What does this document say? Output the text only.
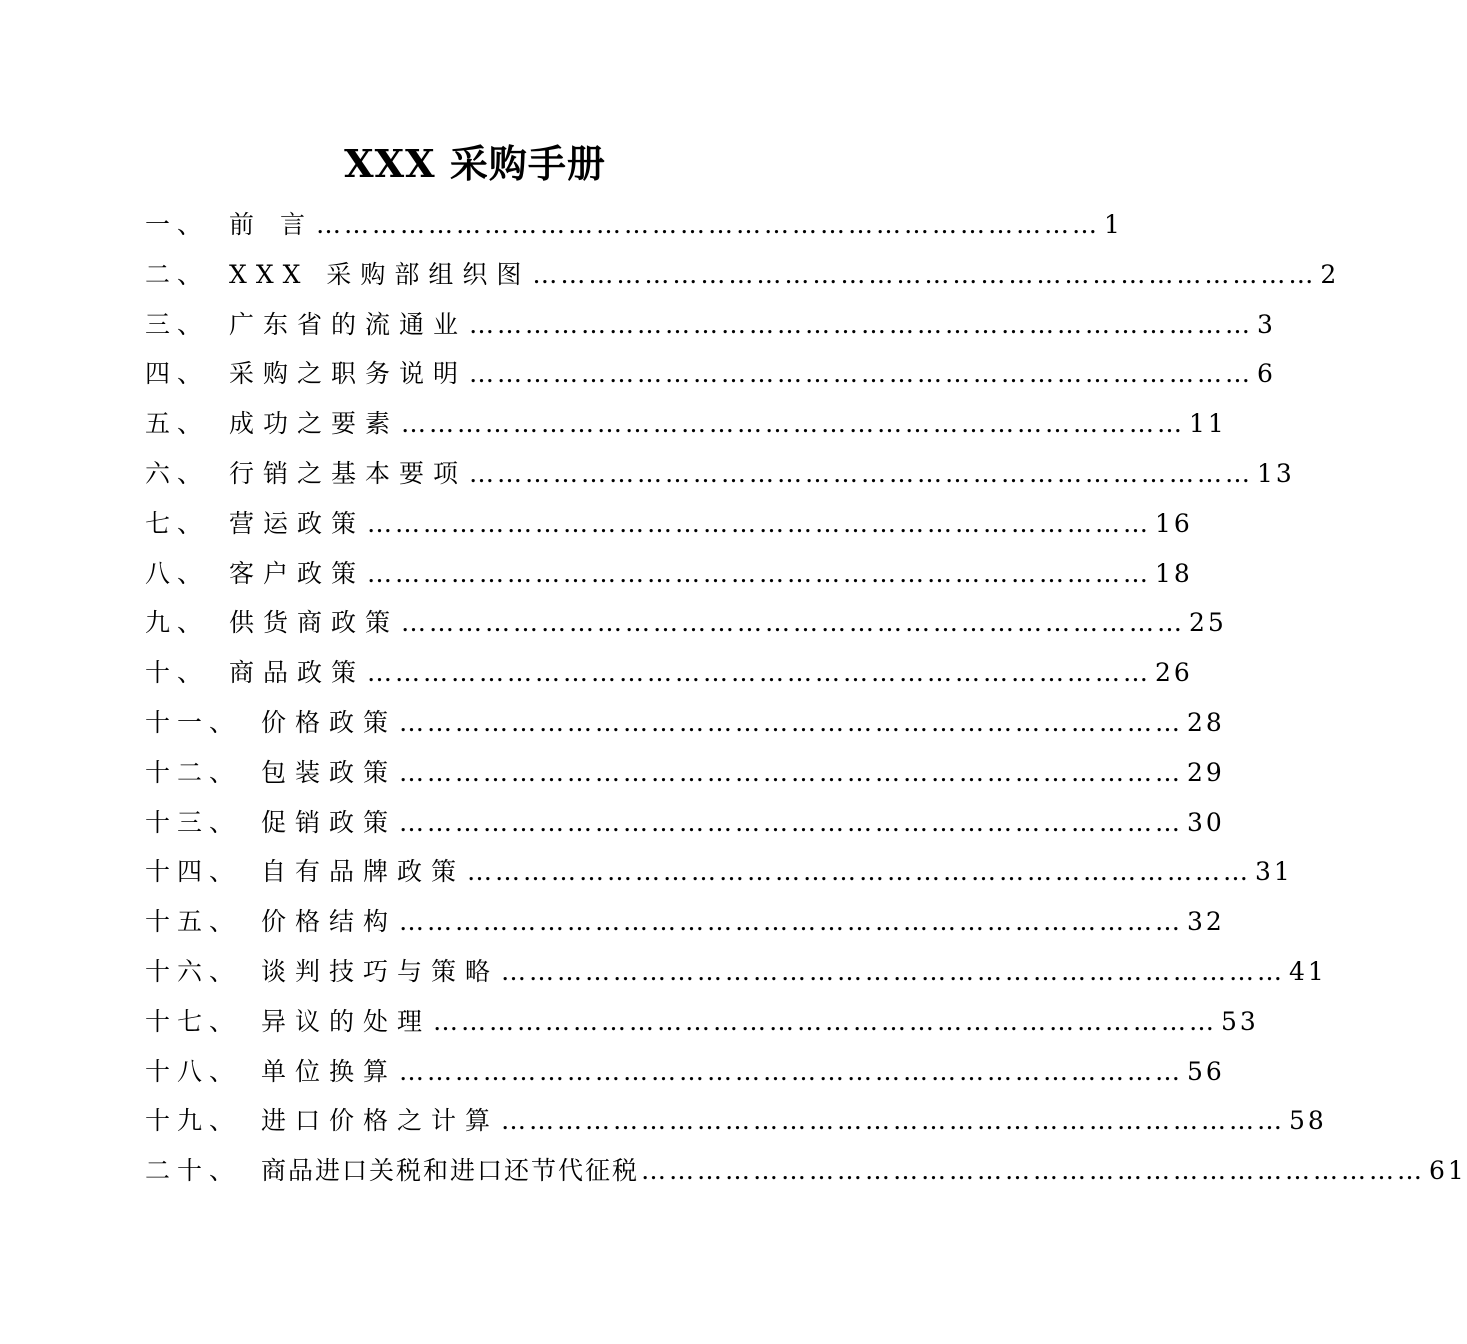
XXX 采购手册
一、 前 言 ………………………………………………………………………… 1
二、 XXX 采购部组织图 ………………………………………………………………………… 2
三、 广东省的流通业 ………………………………………………………………………… 3
四、 采购之职务说明 ………………………………………………………………………… 6
五、 成功之要素 ………………………………………………………………………… 11
六、 行销之基本要项 ………………………………………………………………………… 13
七、 营运政策 ………………………………………………………………………… 16
八、 客户政策 ………………………………………………………………………… 18
九、 供货商政策 ………………………………………………………………………… 25
十、 商品政策 ………………………………………………………………………… 26
十一、 价格政策 ………………………………………………………………………… 28
十二、 包装政策 ………………………………………………………………………… 29
十三、 促销政策 ………………………………………………………………………… 30
十四、 自有品牌政策 ………………………………………………………………………… 31
十五、 价格结构 ………………………………………………………………………… 32
十六、 谈判技巧与策略 ………………………………………………………………………… 41
十七、 异议的处理 ………………………………………………………………………… 53
十八、 单位换算 ………………………………………………………………………… 56
十九、 进口价格之计算 ………………………………………………………………………… 58
二十、 商品进口关税和进口还节代征税 ………………………………………………………………………… 61
